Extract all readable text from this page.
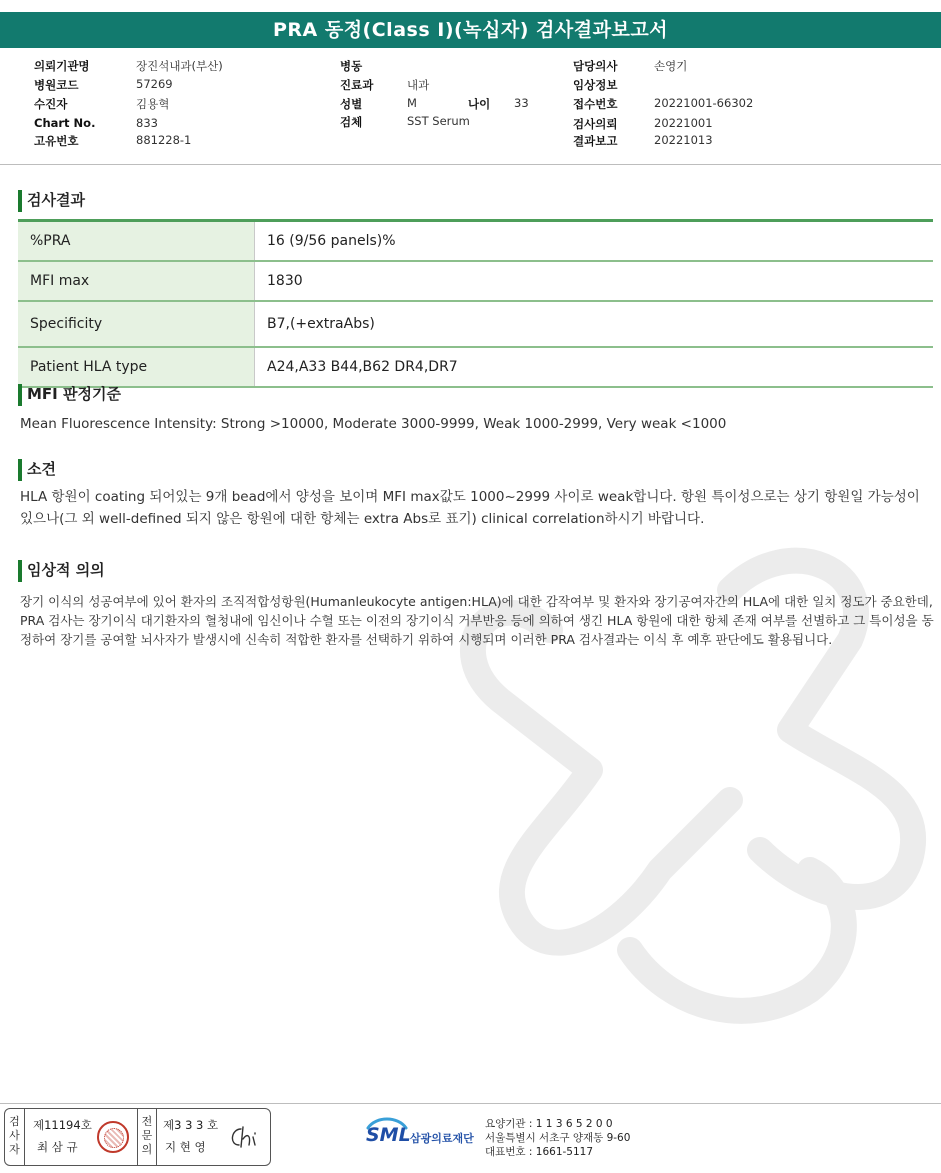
PRA 동정(Class I)(녹십자) 검사결과보고서
의뢰기관명	장진석내과(부산)
병원코드	57269
수진자	김용혁
Chart No.	833
고유번호	881228-1
병동
진료과	내과
성별	M	나이 33
검체	SST Serum
담당의사	손영기
임상정보
접수번호	20221001-66302
검사의뢰	20221001
결과보고	20221013
검사결과
%PRA	16 (9/56 panels)%
MFI max	1830
Specificity	B7,(+extraAbs)
Patient HLA type	A24,A33 B44,B62 DR4,DR7
MFI 판정기준
Mean Fluorescence Intensity: Strong >10000, Moderate 3000-9999, Weak 1000-2999, Very weak <1000
소견
HLA 항원이 coating 되어있는 9개 bead에서 양성을 보이며 MFI max값도 1000~2999 사이로 weak합니다. 항원 특이성으로는 상기 항원일 가능성이 있으나(그 외 well-defined 되지 않은 항원에 대한 항체는 extra Abs로 표기) clinical correlation하시기 바랍니다.
임상적 의의
장기 이식의 성공여부에 있어 환자의 조직적합성항원(Humanleukocyte antigen:HLA)에 대한 감작여부 및 환자와 장기공여자간의 HLA에 대한 일치 정도가 중요한데, PRA 검사는 장기이식 대기환자의 혈청내에 임신이나 수혈 또는 이전의 장기이식 거부반응 등에 의하여 생긴 HLA 항원에 대한 항체 존재 여부를 선별하고 그 특이성을 동정하여 장기를 공여할 뇌사자가 발생시에 신속히 적합한 환자를 선택하기 위하여 시행되며 이러한 PRA 검사결과는 이식 후 예후 판단에도 활용됩니다.
검사자
제11194호
최 삼 규
전문의
제3 3 3 호
지 현 영
SML 삼광의료재단
요양기관 : 1 1 3 6 5 2 0 0
서울특별시 서초구 양재동 9-60
대표번호 : 1661-5117
